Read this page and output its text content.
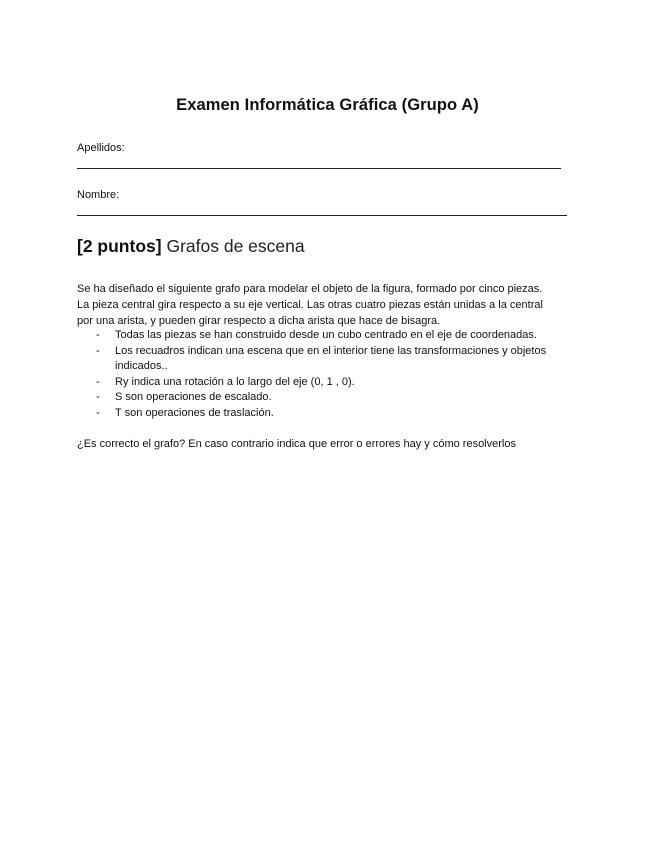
Examen Informática Gráfica (Grupo A)
Apellidos:
Nombre:
[2 puntos] Grafos de escena
Se ha diseñado el siguiente grafo para modelar el objeto de la figura, formado por cinco piezas.
La pieza central gira respecto a su eje vertical. Las otras cuatro piezas están unidas a la central
por una arista, y pueden girar respecto a dicha arista que hace de bisagra.
- Todas las piezas se han construido desde un cubo centrado en el eje de coordenadas.
- Los recuadros indican una escena que en el interior tiene las transformaciones y objetos
indicados..
- Ry indica una rotación a lo largo del eje (0, 1 , 0).
- S son operaciones de escalado.
- T son operaciones de traslación.
¿Es correcto el grafo? En caso contrario indica que error o errores hay y cómo resolverlos
